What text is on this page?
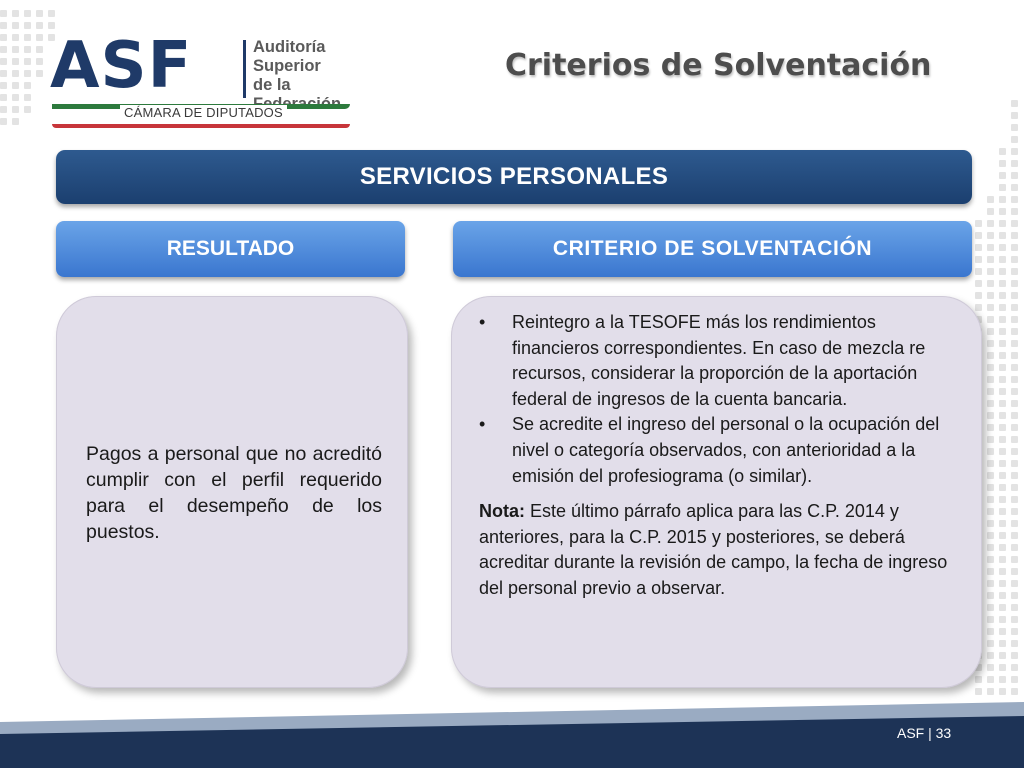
ASF	Auditoría
Superior
de la
CÁMARA DE DIPUTADOS
Criterios de Solventación
SERVICIOS PERSONALES
RESULTADO	CRITERIO DE SOLVENTACIÓN
Pagos a personal que no acreditó cumplir con el perfil requerido para el desempeño de los puestos.
• Reintegro a la TESOFE más los rendimientos financieros correspondientes. En caso de mezcla re recursos, considerar la proporción de la aportación federal de ingresos de la cuenta bancaria.
• Se acredite el ingreso del personal o la ocupación del nivel o categoría observados, con anterioridad a la emisión del profesiograma (o similar).
Nota: Este último párrafo aplica para las C.P. 2014 y anteriores, para la C.P. 2015 y posteriores, se deberá acreditar durante la revisión de campo, la fecha de ingreso del personal previo a observar.
ASF | 33
